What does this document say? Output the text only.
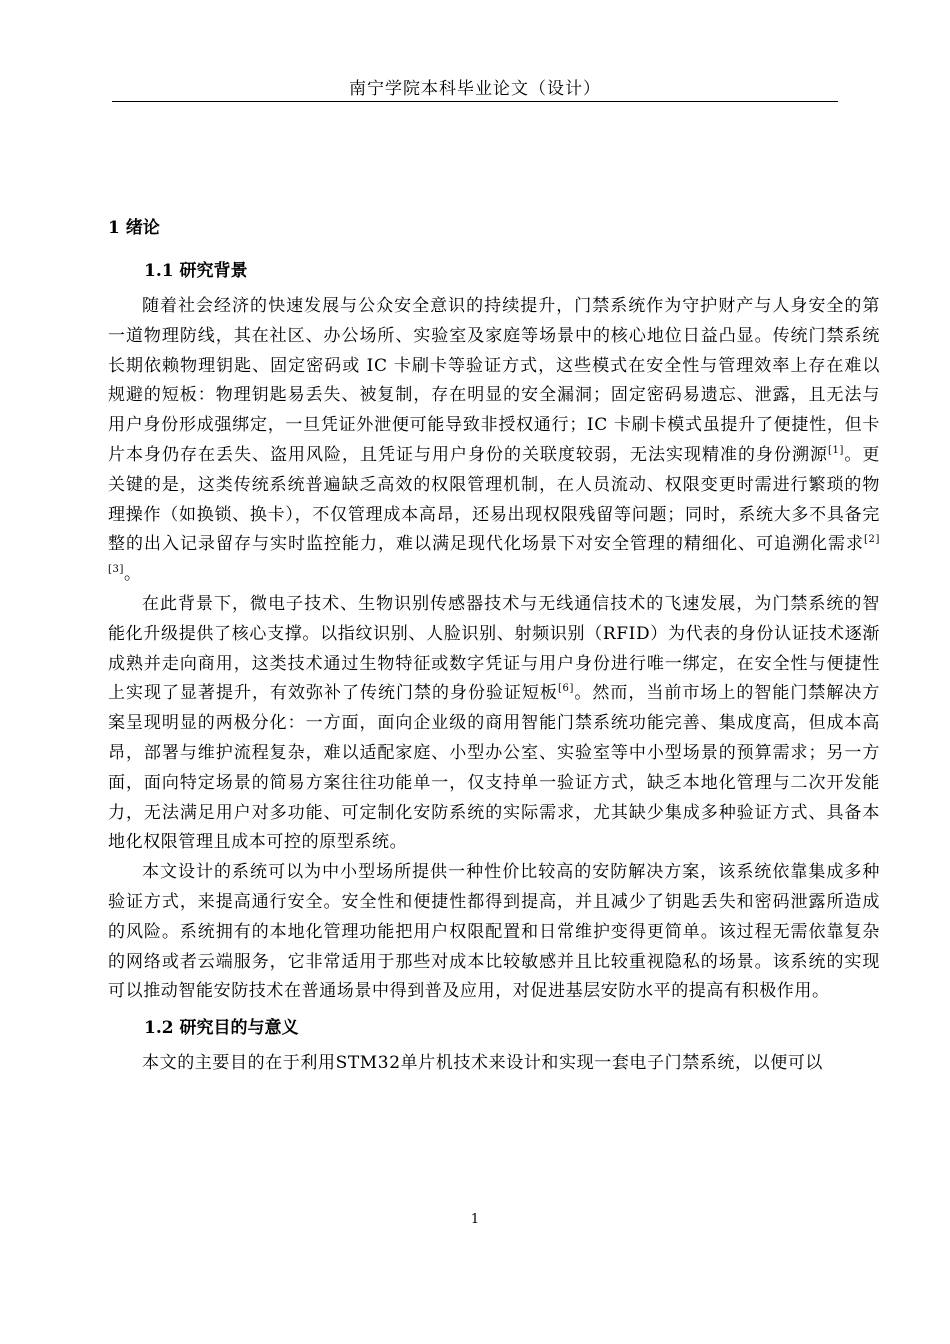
南宁学院本科毕业论文（设计）
1 绪论
1.1 研究背景

随着社会经济的快速发展与公众安全意识的持续提升，门禁系统作为守护财产与人身安全的第一道物理防线，其在社区、办公场所、实验室及家庭等场景中的核心地位日益凸显。传统门禁系统长期依赖物理钥匙、固定密码或 IC 卡刷卡等验证方式，这些模式在安全性与管理效率上存在难以规避的短板：物理钥匙易丢失、被复制，存在明显的安全漏洞；固定密码易遗忘、泄露，且无法与用户身份形成强绑定，一旦凭证外泄便可能导致非授权通行；IC 卡刷卡模式虽提升了便捷性，但卡片本身仍存在丢失、盗用风险，且凭证与用户身份的关联度较弱，无法实现精准的身份溯源[1]。更关键的是，这类传统系统普遍缺乏高效的权限管理机制，在人员流动、权限变更时需进行繁琐的物理操作（如换锁、换卡），不仅管理成本高昂，还易出现权限残留等问题；同时，系统大多不具备完整的出入记录留存与实时监控能力，难以满足现代化场景下对安全管理的精细化、可追溯化需求[2][3]。

在此背景下，微电子技术、生物识别传感器技术与无线通信技术的飞速发展，为门禁系统的智能化升级提供了核心支撑。以指纹识别、人脸识别、射频识别（RFID）为代表的身份认证技术逐渐成熟并走向商用，这类技术通过生物特征或数字凭证与用户身份进行唯一绑定，在安全性与便捷性上实现了显著提升，有效弥补了传统门禁的身份验证短板[6]。然而，当前市场上的智能门禁解决方案呈现明显的两极分化：一方面，面向企业级的商用智能门禁系统功能完善、集成度高，但成本高昂，部署与维护流程复杂，难以适配家庭、小型办公室、实验室等中小型场景的预算需求；另一方面，面向特定场景的简易方案往往功能单一，仅支持单一验证方式，缺乏本地化管理与二次开发能力，无法满足用户对多功能、可定制化安防系统的实际需求，尤其缺少集成多种验证方式、具备本地化权限管理且成本可控的原型系统。

本文设计的系统可以为中小型场所提供一种性价比较高的安防解决方案，该系统依靠集成多种验证方式，来提高通行安全。安全性和便捷性都得到提高，并且减少了钥匙丢失和密码泄露所造成的风险。系统拥有的本地化管理功能把用户权限配置和日常维护变得更简单。该过程无需依靠复杂的网络或者云端服务，它非常适用于那些对成本比较敏感并且比较重视隐私的场景。该系统的实现可以推动智能安防技术在普通场景中得到普及应用，对促进基层安防水平的提高有积极作用。

1.2 研究目的与意义

本文的主要目的在于利用STM32单片机技术来设计和实现一套电子门禁系统，以便可以

1
